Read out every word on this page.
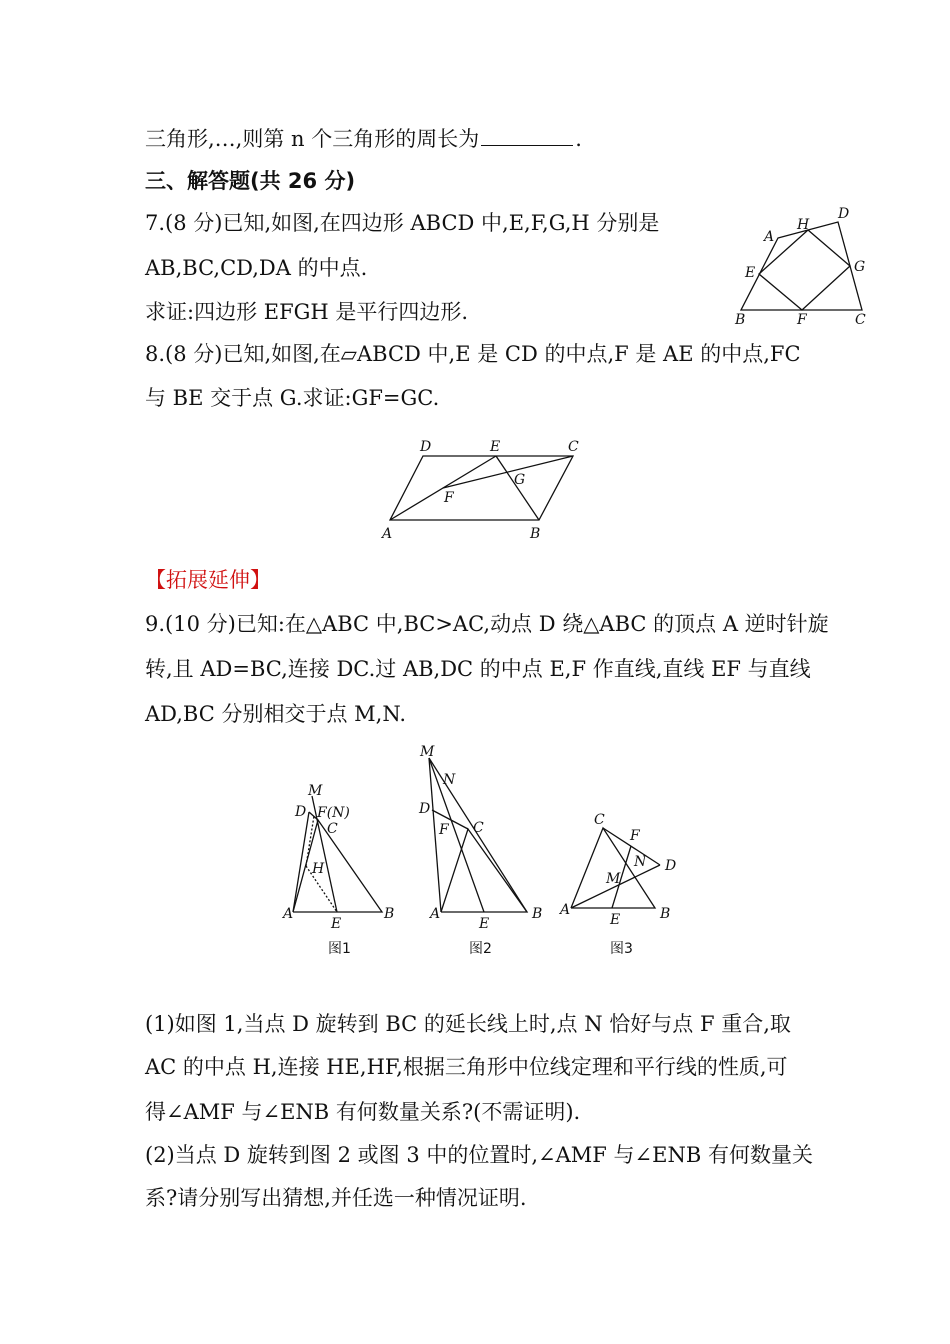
三角形,…,则第 n 个三角形的周长为	.
三、解答题(共 26 分)
7.(8 分)已知,如图,在四边形 ABCD 中,E,F,G,H 分别是
AB,BC,CD,DA 的中点.
求证:四边形 EFGH 是平行四边形.
8.(8 分)已知,如图,在▱ABCD 中,E 是 CD 的中点,F 是 AE 的中点,FC
与 BE 交于点 G.求证:GF=GC.
【拓展延伸】
9.(10 分)已知:在△ABC 中,BC>AC,动点 D 绕△ABC 的顶点 A 逆时针旋
转,且 AD=BC,连接 DC.过 AB,DC 的中点 E,F 作直线,直线 EF 与直线
AD,BC 分别相交于点 M,N.
(1)如图 1,当点 D 旋转到 BC 的延长线上时,点 N 恰好与点 F 重合,取
AC 的中点 H,连接 HE,HF,根据三角形中位线定理和平行线的性质,可
得∠AMF 与∠ENB 有何数量关系?(不需证明).
(2)当点 D 旋转到图 2 或图 3 中的位置时,∠AMF 与∠ENB 有何数量关
系?请分别写出猜想,并任选一种情况证明.
A
H
D
E	G
B	F	C
D	E	C
F
G
A	B
M
D F(N)
C
H
A
E
B
图1
M
N
D
F C
A
E
B
图2
C
F
N D
M
A
E	B
图3
